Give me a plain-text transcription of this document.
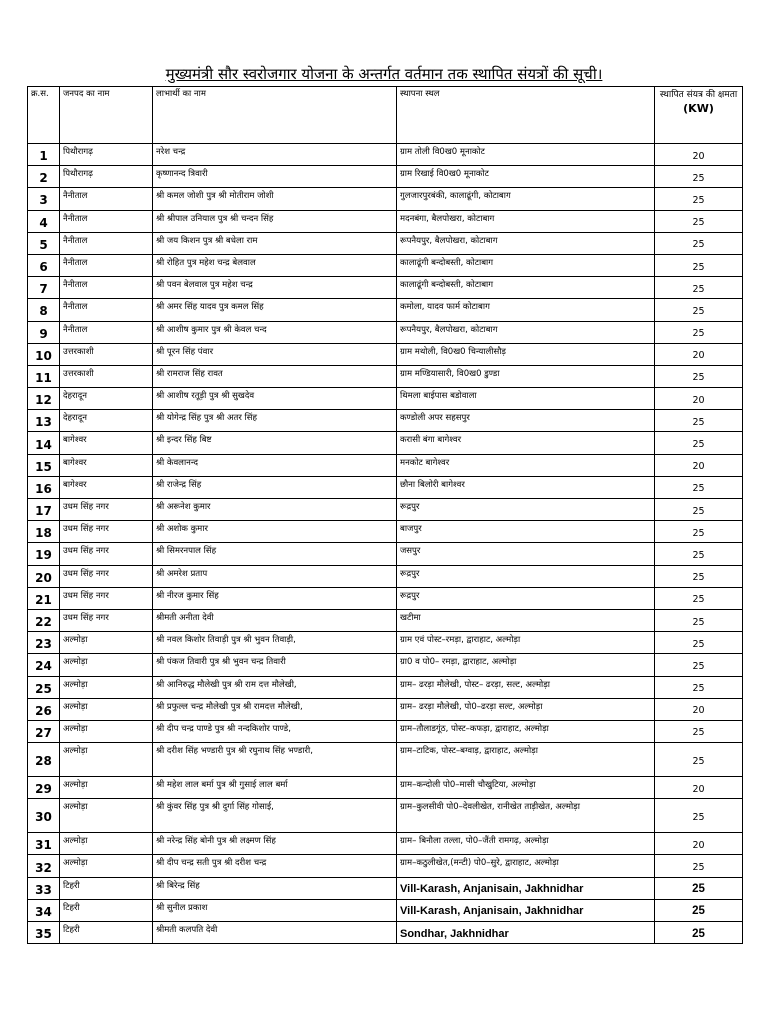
मुख्यमंत्री सौर स्वरोजगार योजना के अन्तर्गत वर्तमान तक स्थापित संयत्रों की सूची।
क्र.स.	जनपद का नाम	लाभार्थी का नाम	स्थापना स्थल	स्थापित संयत्र की क्षमता
(KW)
1	पिथौरागढ़	नरेश चन्द्र	ग्राम तोली वि0ख0 मूनाकोट	20
2	पिथौरागढ़	कृष्णानन्द त्रिवारी	ग्राम रिखाई वि0ख0 मूनाकोट	25
3	नैनीताल	श्री कमल जोशी पुत्र श्री मोतीराम जोशी	गुलजारपुरबंकी, कालाढूंगी, कोटाबाग	25
4	नैनीताल	श्री श्रीपाल उनियाल पुत्र श्री चन्दन सिंह	मदनबंगा, बैलपोखरा, कोटाबाग	25
5	नैनीताल	श्री जय किशन पुत्र श्री बधेला राम	रूपनैयपुर, बैलपोखरा, कोटाबाग	25
6	नैनीताल	श्री रोहित पुत्र महेश चन्द्र बेलवाल	कालाढूंगी बन्दोबस्ती, कोटाबाग	25
7	नैनीताल	श्री पवन बेलवाल पुत्र महेश चन्द्र	कालाढूंगी बन्दोबस्ती, कोटाबाग	25
8	नैनीताल	श्री अमर सिंह यादव पुत्र कमल सिंह	कमोला, यादव फार्म कोटाबाग	25
9	नैनीताल	श्री आशीष कुमार पुत्र श्री केवल चन्द	रूपनैयपुर, बैलपोखरा, कोटाबाग	25
10	उत्तरकाशी	श्री पूरन सिंह पंवार	ग्राम मथोली, वि0ख0 चिन्यालीसौड़	20
11	उत्तरकाशी	श्री रामराज सिंह रावत	ग्राम मण्डियासारी, वि0ख0 डुण्डा	25
12	देहरादून	श्री आशीष रतूड़ी पुत्र श्री सुखदेव	थिमला बाईपास बडोवाला	20
13	देहरादून	श्री योगेन्द्र सिंह पुत्र श्री अतर सिंह	कण्डोली अपर सहसपुर	25
14	बागेश्वर	श्री इन्दर सिंह बिष्ट	करासी बंगा बागेश्वर	25
15	बागेश्वर	श्री केवलानन्द	मनकोट बागेश्वर	20
16	बागेश्वर	श्री राजेन्द्र सिंह	छौना बिलोरी बागेश्वर	25
17	उधम सिंह नगर	श्री अरूनेश कुमार	रूद्रपुर	25
18	उधम सिंह नगर	श्री अशोक कुमार	बाजपुर	25
19	उधम सिंह नगर	श्री सिमरनपाल सिंह	जसपुर	25
20	उधम सिंह नगर	श्री अमरेश प्रताप	रूद्रपुर	25
21	उधम सिंह नगर	श्री नीरज कुमार सिंह	रूद्रपुर	25
22	उधम सिंह नगर	श्रीमती अनीता देवी	खटीमा	25
23	अल्मोड़ा	श्री नवल किशोर तिवाड़ी पुत्र श्री भुवन तिवाड़ी,	ग्राम एवं पोस्ट–रमड़ा, द्वाराहाट, अल्मोड़ा	25
24	अल्मोड़ा	श्री पंकज तिवारी पुत्र श्री भुवन चन्द्र तिवारी	ग्रा0 व पो0– रमड़ा, द्वाराहाट, अल्मोड़ा	25
25	अल्मोड़ा	श्री आनिरुद्ध मौलेखी पुत्र श्री राम दत्त मौलेखी,	ग्राम– ढरड़ा मौलेखी, पोस्ट– ढरड़ा, सल्ट, अल्मोड़ा	25
26	अल्मोड़ा	श्री प्रफुल्ल चन्द्र मौलेखी पुत्र श्री रामदत्त मौलेखी,	ग्राम– ढरड़ा मौलेखी, पो0–ढरड़ा सल्ट, अल्मोड़ा	20
27	अल्मोड़ा	श्री दीप चन्द्र पाण्डे पुत्र श्री नन्दकिशोर पाण्डे,	ग्राम–तौलाडगूंठ, पोस्ट–कफड़ा, द्वाराहाट, अल्मोड़ा	25
28	अल्मोड़ा	श्री दरीश सिंह भण्डारी पुत्र श्री रघुनाथ सिंह भण्डारी,	ग्राम–टाटिक, पोस्ट–बग्वाड़, द्वाराहाट, अल्मोड़ा	25
29	अल्मोड़ा	श्री महेश लाल बर्मा पुत्र श्री गुसाई लाल बर्मा	ग्राम–कन्दोली पो0–मासी चौखुटिया, अल्मोड़ा	20
30	अल्मोड़ा	श्री कुंवर सिंह पुत्र श्री दुर्गा सिंह गोसाई,	ग्राम–कुलसीवी पो0–देवलीखेत, रानीखेत ताड़ीखेत, अल्मोड़ा	25
31	अल्मोड़ा	श्री नरेन्द्र सिंह बोनी पुत्र श्री लक्ष्मण सिंह	ग्राम– बिनौला तल्ला, पो0–जैंती रामगढ़, अल्मोड़ा	20
32	अल्मोड़ा	श्री दीप चन्द्र सती पुत्र श्री दरीश चन्द्र	ग्राम–कठुलीखेत,(मन्टी) पो0–सुरे, द्वाराहाट, अल्मोड़ा	25
33	टिहरी	श्री बिरेन्द्र सिंह	Vill-Karash, Anjanisain, Jakhnidhar	25
34	टिहरी	श्री सुनील प्रकाश	Vill-Karash, Anjanisain, Jakhnidhar	25
35	टिहरी	श्रीमती कलपति देवी	Sondhar, Jakhnidhar	25
